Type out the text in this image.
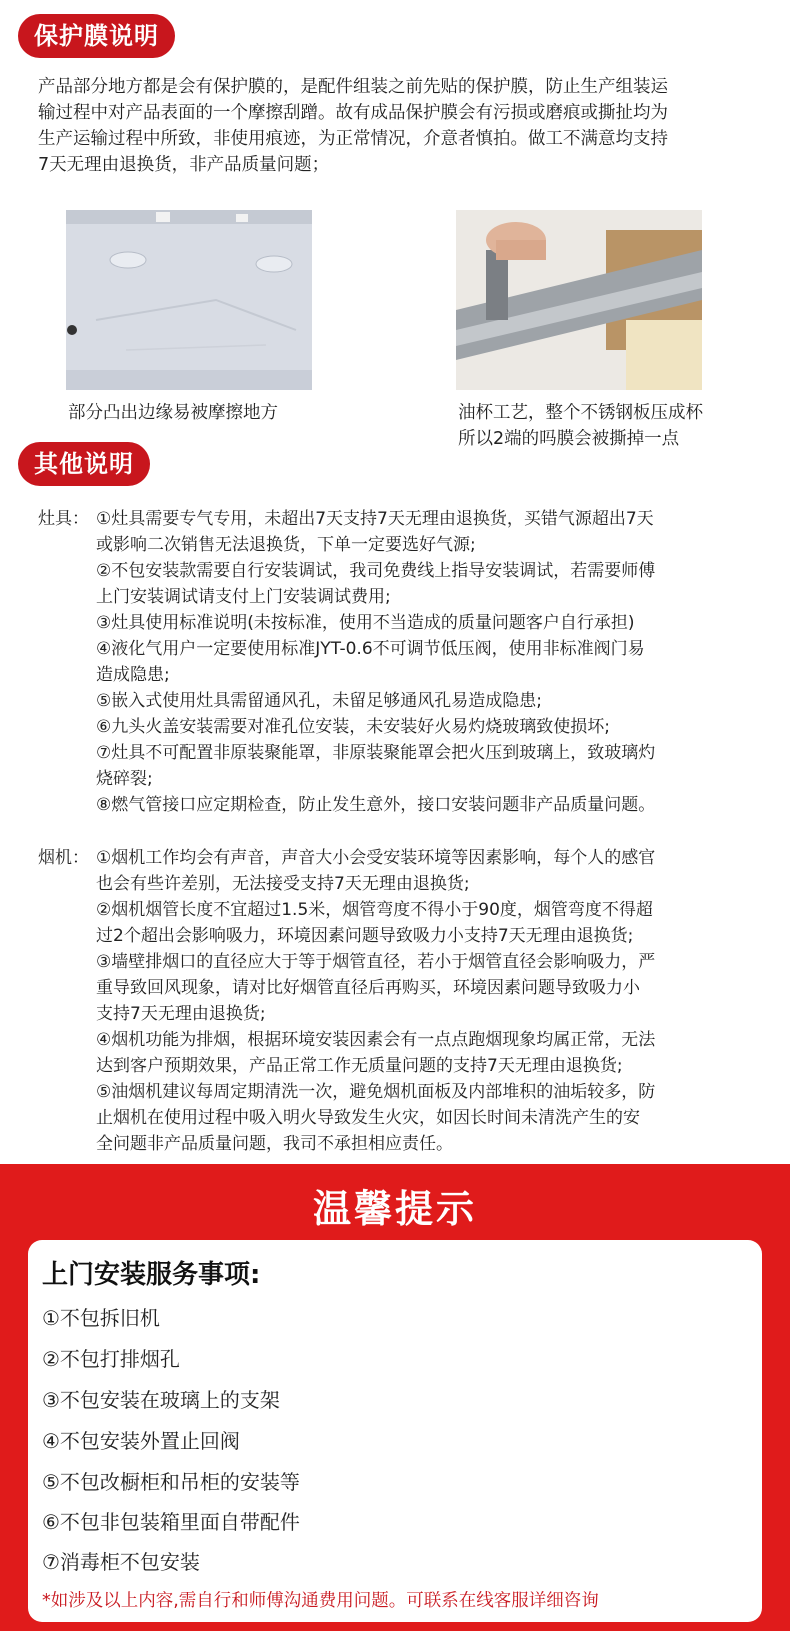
保护膜说明
产品部分地方都是会有保护膜的，是配件组装之前先贴的保护膜，防止生产组装运
输过程中对产品表面的一个摩擦刮蹭。故有成品保护膜会有污损或磨痕或撕扯均为
生产运输过程中所致，非使用痕迹，为正常情况，介意者慎拍。做工不满意均支持
7天无理由退换货，非产品质量问题；
部分凸出边缘易被摩擦地方	油杯工艺，整个不锈钢板压成杯
所以2端的吗膜会被撕掉一点
其他说明
灶具： ①灶具需要专气专用，未超出7天支持7天无理由退换货，买错气源超出7天
或影响二次销售无法退换货，下单一定要选好气源;
②不包安装款需要自行安装调试，我司免费线上指导安装调试，若需要师傅
上门安装调试请支付上门安装调试费用;
③灶具使用标准说明(未按标准，使用不当造成的质量问题客户自行承担)
④液化气用户一定要使用标准JYT-0.6不可调节低压阀，使用非标准阀门易
造成隐患;
⑤嵌入式使用灶具需留通风孔，未留足够通风孔易造成隐患;
⑥九头火盖安装需要对准孔位安装，未安装好火易灼烧玻璃致使损坏;
⑦灶具不可配置非原装聚能罩，非原装聚能罩会把火压到玻璃上，致玻璃灼
烧碎裂;
⑧燃气管接口应定期检查，防止发生意外，接口安装问题非产品质量问题。
烟机： ①烟机工作均会有声音，声音大小会受安装环境等因素影响，每个人的感官
也会有些许差别，无法接受支持7天无理由退换货;
②烟机烟管长度不宜超过1.5米，烟管弯度不得小于90度，烟管弯度不得超
过2个超出会影响吸力，环境因素问题导致吸力小支持7天无理由退换货;
③墙壁排烟口的直径应大于等于烟管直径，若小于烟管直径会影响吸力，严
重导致回风现象，请对比好烟管直径后再购买，环境因素问题导致吸力小
支持7天无理由退换货;
④烟机功能为排烟，根据环境安装因素会有一点点跑烟现象均属正常，无法
达到客户预期效果，产品正常工作无质量问题的支持7天无理由退换货;
⑤油烟机建议每周定期清洗一次，避免烟机面板及内部堆积的油垢较多，防
止烟机在使用过程中吸入明火导致发生火灾，如因长时间未清洗产生的安
全问题非产品质量问题，我司不承担相应责任。
温馨提示
上门安装服务事项:
①不包拆旧机
②不包打排烟孔
③不包安装在玻璃上的支架
④不包安装外置止回阀
⑤不包改橱柜和吊柜的安装等
⑥不包非包装箱里面自带配件
⑦消毒柜不包安装
*如涉及以上内容,需自行和师傅沟通费用问题。可联系在线客服详细咨询
